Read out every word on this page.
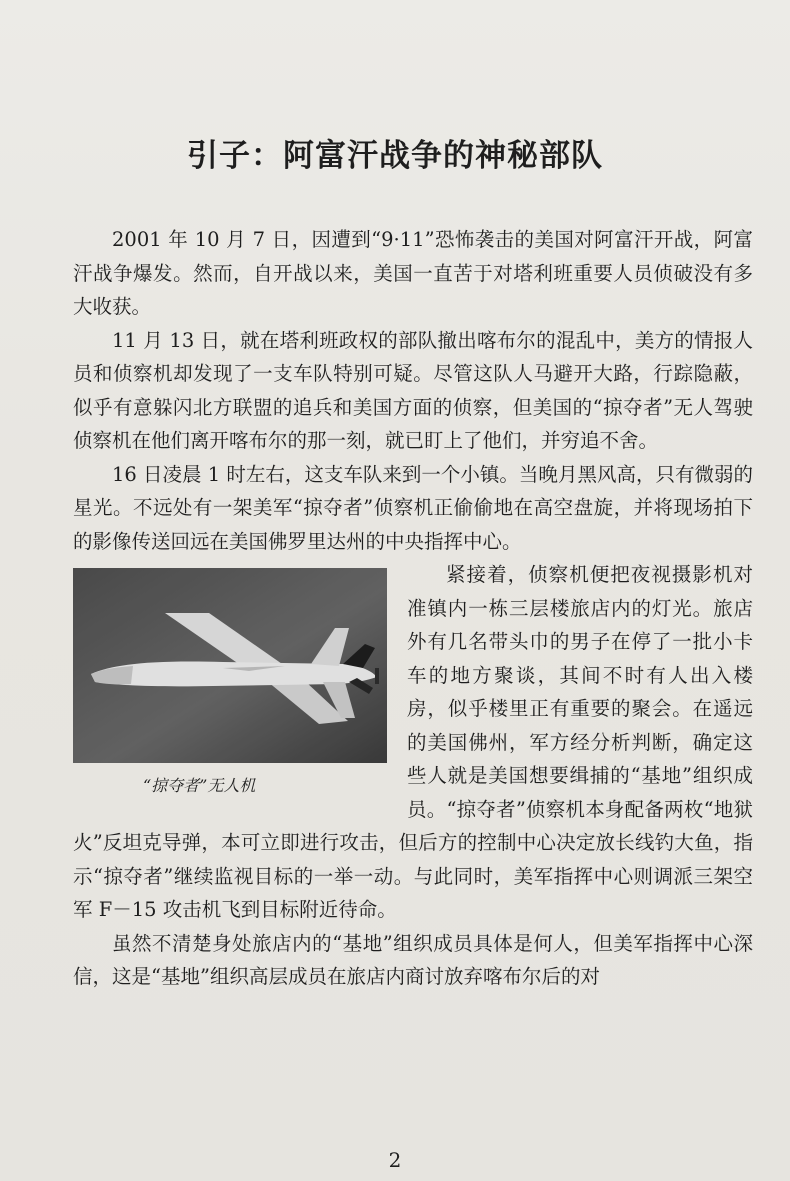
引子：阿富汗战争的神秘部队

2001 年 10 月 7 日，因遭到“9·11”恐怖袭击的美国对阿富汗开战，阿富汗战争爆发。然而，自开战以来，美国一直苦于对塔利班重要人员侦破没有多大收获。

11 月 13 日，就在塔利班政权的部队撤出喀布尔的混乱中，美方的情报人员和侦察机却发现了一支车队特别可疑。尽管这队人马避开大路，行踪隐蔽，似乎有意躲闪北方联盟的追兵和美国方面的侦察，但美国的“掠夺者”无人驾驶侦察机在他们离开喀布尔的那一刻，就已盯上了他们，并穷追不舍。

16 日凌晨 1 时左右，这支车队来到一个小镇。当晚月黑风高，只有微弱的星光。不远处有一架美军“掠夺者”侦察机正偷偷地在高空盘旋，并将现场拍下的影像传送回远在美国佛罗里达州的中央指挥中心。

“掠夺者”无人机

紧接着，侦察机便把夜视摄影机对准镇内一栋三层楼旅店内的灯光。旅店外有几名带头巾的男子在停了一批小卡车的地方聚谈，其间不时有人出入楼房，似乎楼里正有重要的聚会。在遥远的美国佛州，军方经分析判断，确定这些人就是美国想要缉捕的“基地”组织成员。“掠夺者”侦察机本身配备两枚“地狱火”反坦克导弹，本可立即进行攻击，但后方的控制中心决定放长线钓大鱼，指示“掠夺者”继续监视目标的一举一动。与此同时，美军指挥中心则调派三架空军 F－15 攻击机飞到目标附近待命。

虽然不清楚身处旅店内的“基地”组织成员具体是何人，但美军指挥中心深信，这是“基地”组织高层成员在旅店内商讨放弃喀布尔后的对

2
